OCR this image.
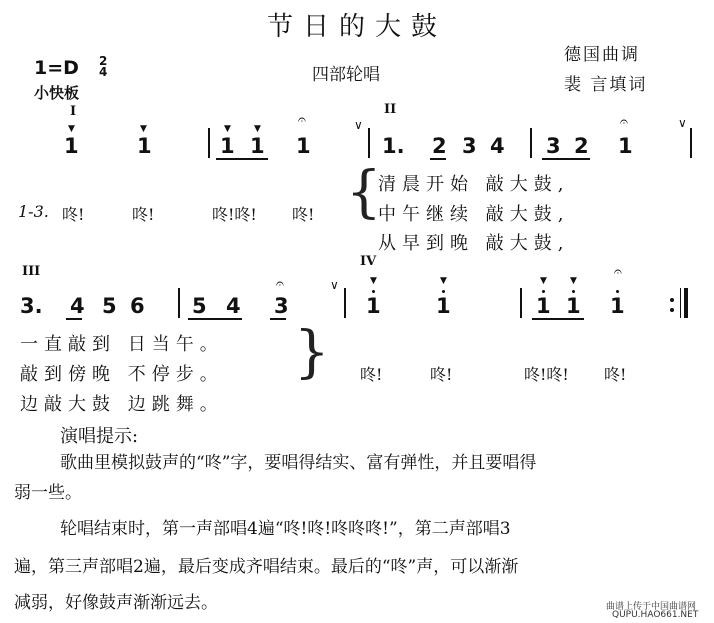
节日的大鼓
德国曲调
裴 言填词
四部轮唱
1=D 2
4
小快板
I	II
▼	▼	▼	▼
𝄐	∨	𝄐	∨
1	1	1 1 1	1. 2 3 4 3 2 1
1-3. 咚!	咚!	咚!咚! 咚! {
清晨开始 敲大鼓,
中午继续 敲大鼓,
从早到晚 敲大鼓,
III
IV
𝄐	∨	▼	▼	▼	▼
𝄐
3. 4 5 6 5 4 3	1	1	1 1 1
一直敲到 日当午。
敲到傍晚 不停步。
边敲大鼓 边跳舞。
} 咚!	咚!	咚!咚! 咚!
演唱提示:
歌曲里模拟鼓声的“咚”字，要唱得结实、富有弹性，并且要唱得
弱一些。
轮唱结束时，第一声部唱4遍“咚!咚!咚咚咚!”，第二声部唱3
遍，第三声部唱2遍，最后变成齐唱结束。最后的“咚”声，可以渐渐
减弱，好像鼓声渐渐远去。	曲谱上传于中国曲谱网
QUPU.HAO661.NET
